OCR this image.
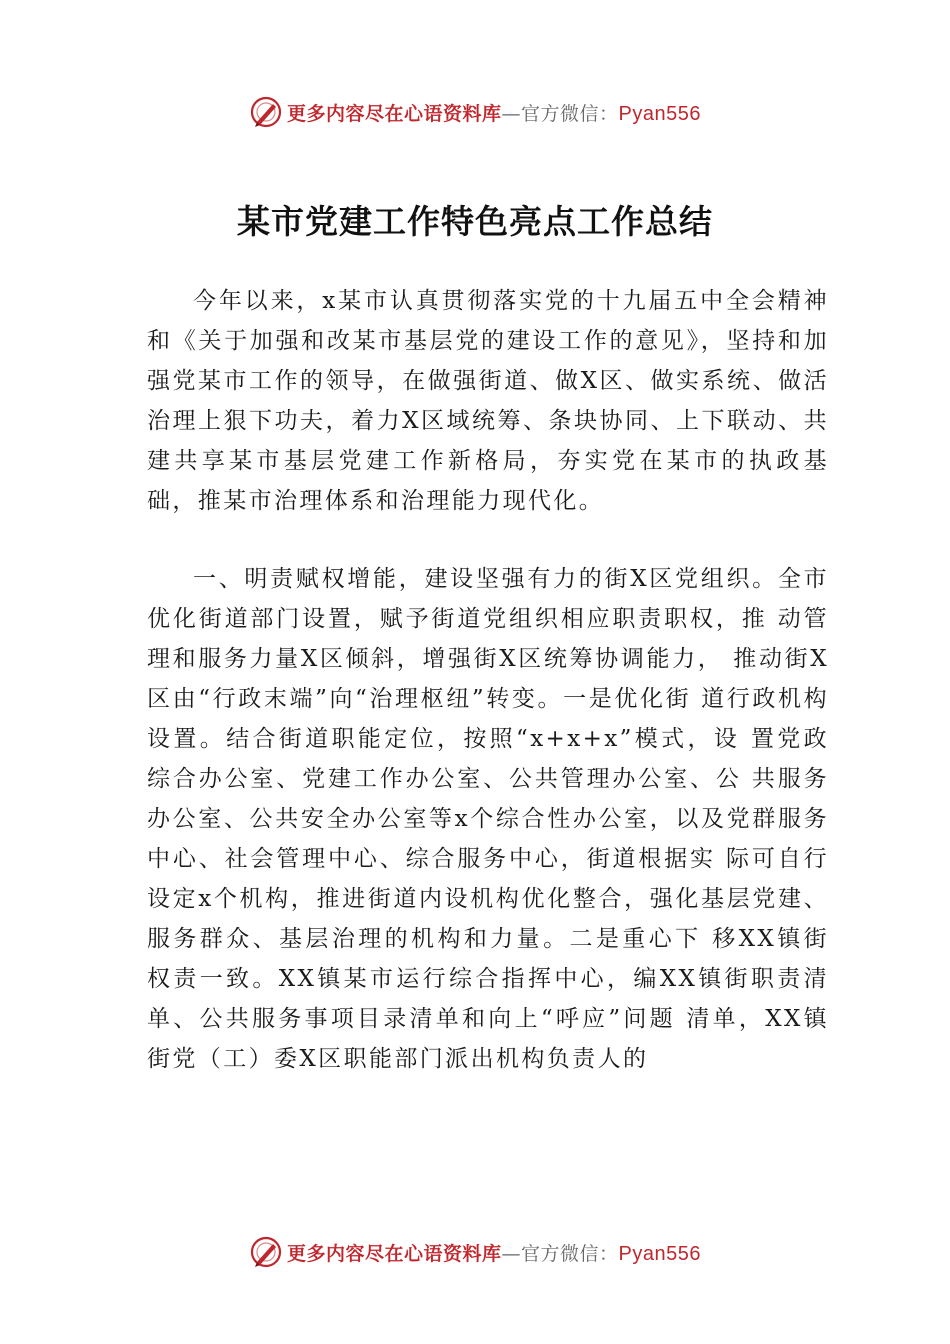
更多内容尽在心语资料库—官方微信：Pyan556
某市党建工作特色亮点工作总结

今年以来，x某市认真贯彻落实党的十九届五中全会精神和《关于加强和改某市基层党的建设工作的意见》，坚持和加强党某市工作的领导，在做强街道、做X区、做实系统、做活治理上狠下功夫，着力X区域统筹、条块协同、上下联动、共建共享某市基层党建工作新格局，夯实党在某市的执政基础，推某市治理体系和治理能力现代化。

一、明责赋权增能，建设坚强有力的街X区党组织。全市优化街道部门设置，赋予街道党组织相应职责职权，推 动管理和服务力量X区倾斜，增强街X区统筹协调能力， 推动街X区由“行政末端”向“治理枢纽”转变。一是优化街 道行政机构设置。结合街道职能定位，按照“x+x+x”模式，设 置党政综合办公室、党建工作办公室、公共管理办公室、公 共服务办公室、公共安全办公室等x个综合性办公室，以及党群服务中心、社会管理中心、综合服务中心，街道根据实 际可自行设定x个机构，推进街道内设机构优化整合，强化基层党建、服务群众、基层治理的机构和力量。二是重心下 移XX镇街权责一致。XX镇某市运行综合指挥中心，编XX镇街职责清单、公共服务事项目录清单和向上“呼应”问题 清单，XX镇街党（工）委X区职能部门派出机构负责人的

更多内容尽在心语资料库—官方微信：Pyan556
